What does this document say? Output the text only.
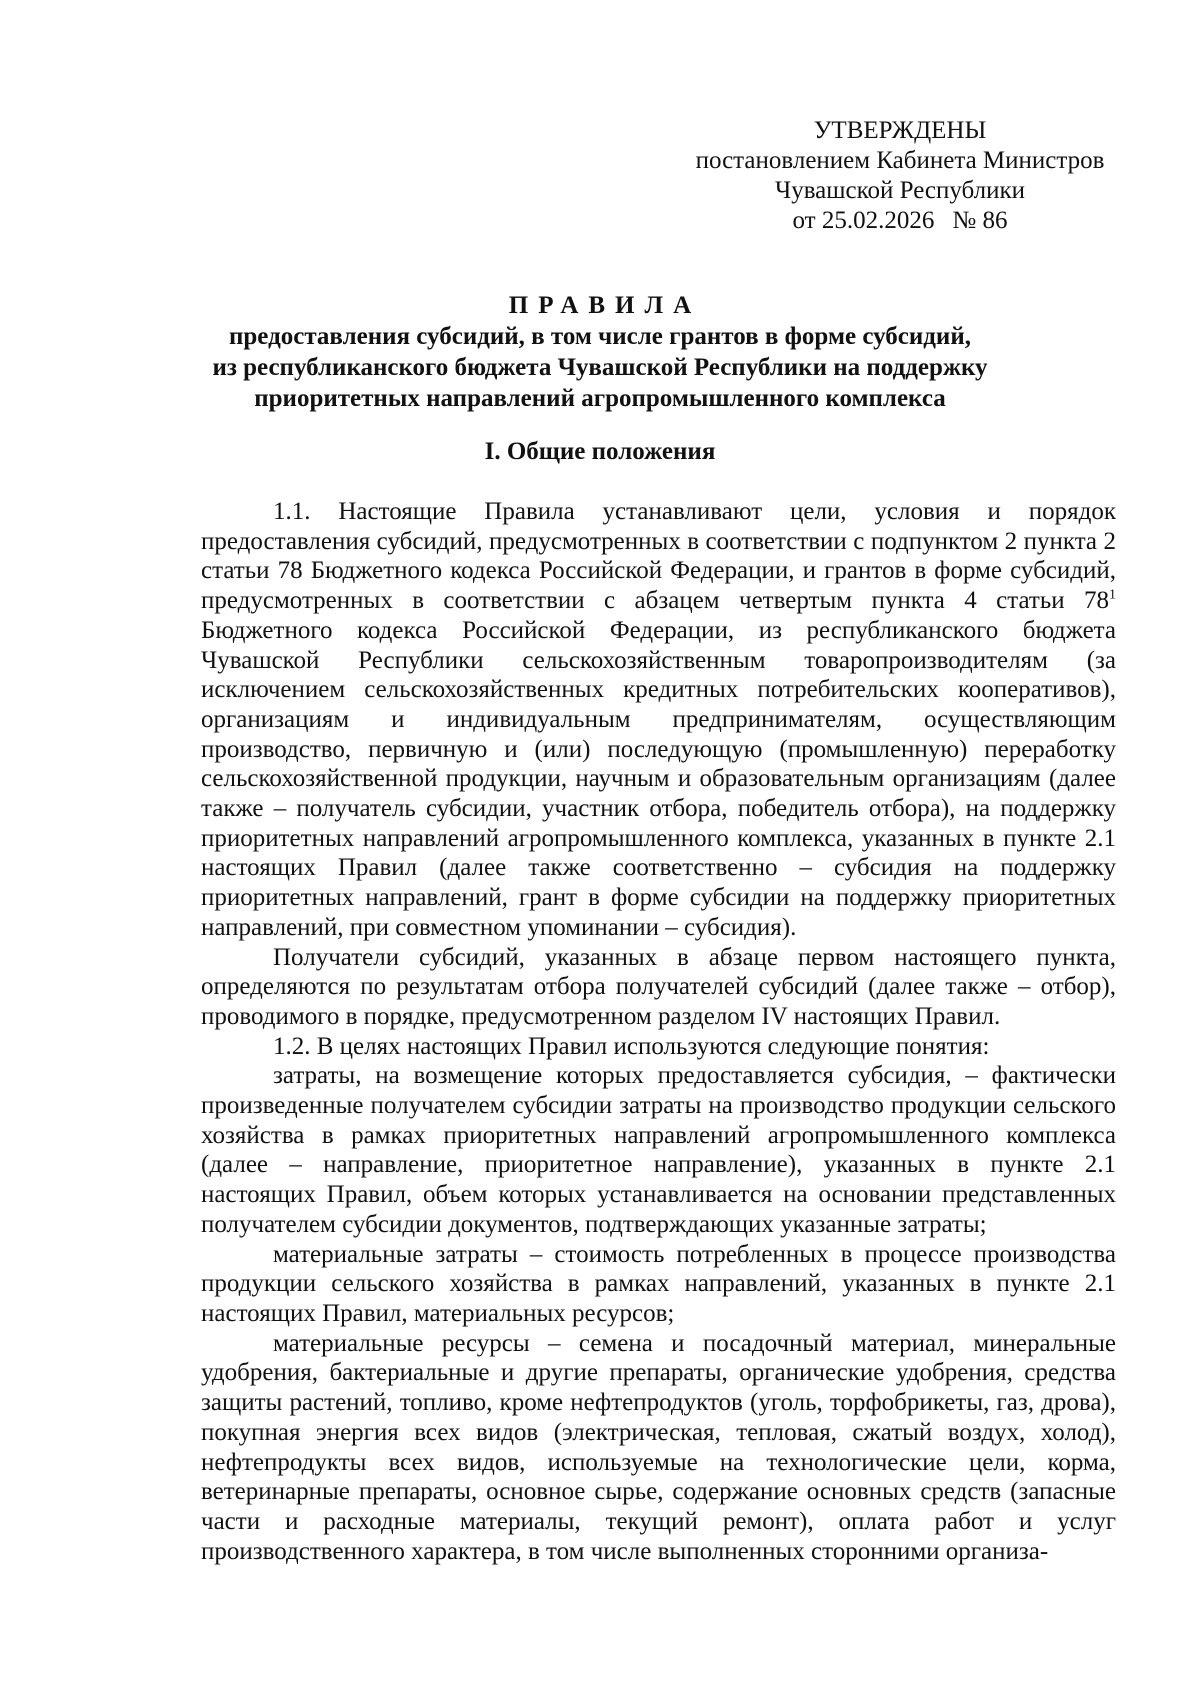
УТВЕРЖДЕНЫ
постановлением Кабинета Министров
Чувашской Республики
от 25.02.2026 № 86
ПРАВИЛА
предоставления субсидий, в том числе грантов в форме субсидий,
из республиканского бюджета Чувашской Республики на поддержку
приоритетных направлений агропромышленного комплекса
I. Общие положения

1.1. Настоящие Правила устанавливают цели, условия и порядок предоставления субсидий, предусмотренных в соответствии с подпунктом 2 пункта 2 статьи 78 Бюджетного кодекса Российской Федерации, и грантов в форме субсидий, предусмотренных в соответствии с абзацем четвертым пункта 4 статьи $78^1$ Бюджетного кодекса Российской Федерации, из республиканского бюджета Чувашской Республики сельскохозяйственным товаропроизводителям (за исключением сельскохозяйственных кредитных потребительских кооперативов), организациям и индивидуальным предпринимателям, осуществляющим производство, первичную и (или) последующую (промышленную) переработку сельскохозяйственной продукции, научным и образовательным организациям (далее также – получатель субсидии, участник отбора, победитель отбора), на поддержку приоритетных направлений агропромышленного комплекса, указанных в пункте 2.1 настоящих Правил (далее также соответственно – субсидия на поддержку приоритетных направлений, грант в форме субсидии на поддержку приоритетных направлений, при совместном упоминании – субсидия).

Получатели субсидий, указанных в абзаце первом настоящего пункта, определяются по результатам отбора получателей субсидий (далее также – отбор), проводимого в порядке, предусмотренном разделом IV настоящих Правил.

1.2. В целях настоящих Правил используются следующие понятия:

затраты, на возмещение которых предоставляется субсидия, – фактически произведенные получателем субсидии затраты на производство продукции сельского хозяйства в рамках приоритетных направлений агропромышленного комплекса (далее – направление, приоритетное направление), указанных в пункте 2.1 настоящих Правил, объем которых устанавливается на основании представленных получателем субсидии документов, подтверждающих указанные затраты;

материальные затраты – стоимость потребленных в процессе производства продукции сельского хозяйства в рамках направлений, указанных в пункте 2.1 настоящих Правил, материальных ресурсов;

материальные ресурсы – семена и посадочный материал, минеральные удобрения, бактериальные и другие препараты, органические удобрения, средства защиты растений, топливо, кроме нефтепродуктов (уголь, торфобрикеты, газ, дрова), покупная энергия всех видов (электрическая, тепловая, сжатый воздух, холод), нефтепродукты всех видов, используемые на технологические цели, корма, ветеринарные препараты, основное сырье, содержание основных средств (запасные части и расходные материалы, текущий ремонт), оплата работ и услуг производственного характера, в том числе выполненных сторонними организа-
